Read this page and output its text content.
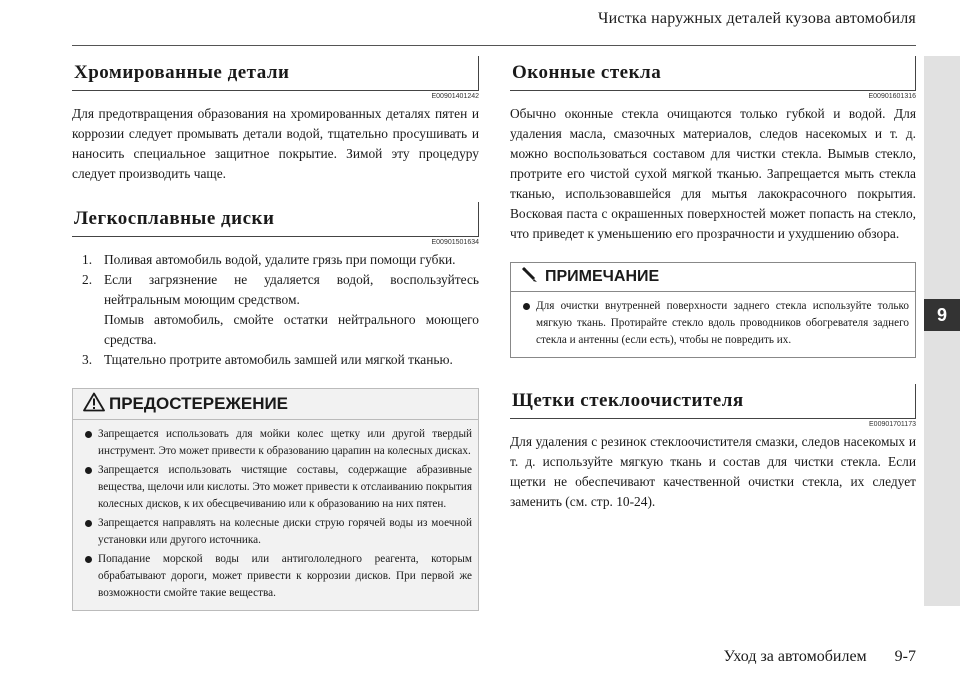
Чистка наружных деталей кузова автомобиля
9
Хромированные детали
E00901401242

Для предотвращения образования на хромированных деталях пятен и коррозии следует промывать детали водой, тщательно просушивать и наносить специальное защитное покрытие. Зимой эту процедуру следует производить чаще.

Легкосплавные диски
E00901501634
1. Поливая автомобиль водой, удалите грязь при помощи губки.
2. Если загрязнение не удаляется водой, воспользуйтесь нейтральным моющим средством.
Помыв автомобиль, смойте остатки нейтрального моющего средства.
3. Тщательно протрите автомобиль замшей или мягкой тканью.
ПРЕДОСТЕРЕЖЕНИЕ
Запрещается использовать для мойки колес щетку или другой твердый инструмент. Это может привести к образованию царапин на колесных дисках.
Запрещается использовать чистящие составы, содержащие абразивные вещества, щелочи или кислоты. Это может привести к отслаиванию покрытия колесных дисков, к их обесцвечиванию или к образованию на них пятен.
Запрещается направлять на колесные диски струю горячей воды из моечной установки или другого источника.
Попадание морской воды или антигололедного реагента, которым обрабатывают дороги, может привести к коррозии дисков. При первой же возможности смойте такие вещества.
Оконные стекла
E00901601316

Обычно оконные стекла очищаются только губкой и водой. Для удаления масла, смазочных материалов, следов насекомых и т. д. можно воспользоваться составом для чистки стекла. Вымыв стекло, протрите его чистой сухой мягкой тканью. Запрещается мыть стекла тканью, использовавшейся для мытья лакокрасочного покрытия. Восковая паста с окрашенных поверхностей может попасть на стекло, что приведет к уменьшению его прозрачности и ухудшению обзора.

ПРИМЕЧАНИЕ
Для очистки внутренней поверхности заднего стекла используйте только мягкую ткань. Протирайте стекло вдоль проводников обогревателя заднего стекла и антенны (если есть), чтобы не повредить их.
Щетки стеклоочистителя
E00901701173

Для удаления с резинок стеклоочистителя смазки, следов насекомых и т. д. используйте мягкую ткань и состав для чистки стекла. Если щетки не обеспечивают качественной очистки стекла, их следует заменить (см. стр. 10-24).

Уход за автомобилем 9-7
